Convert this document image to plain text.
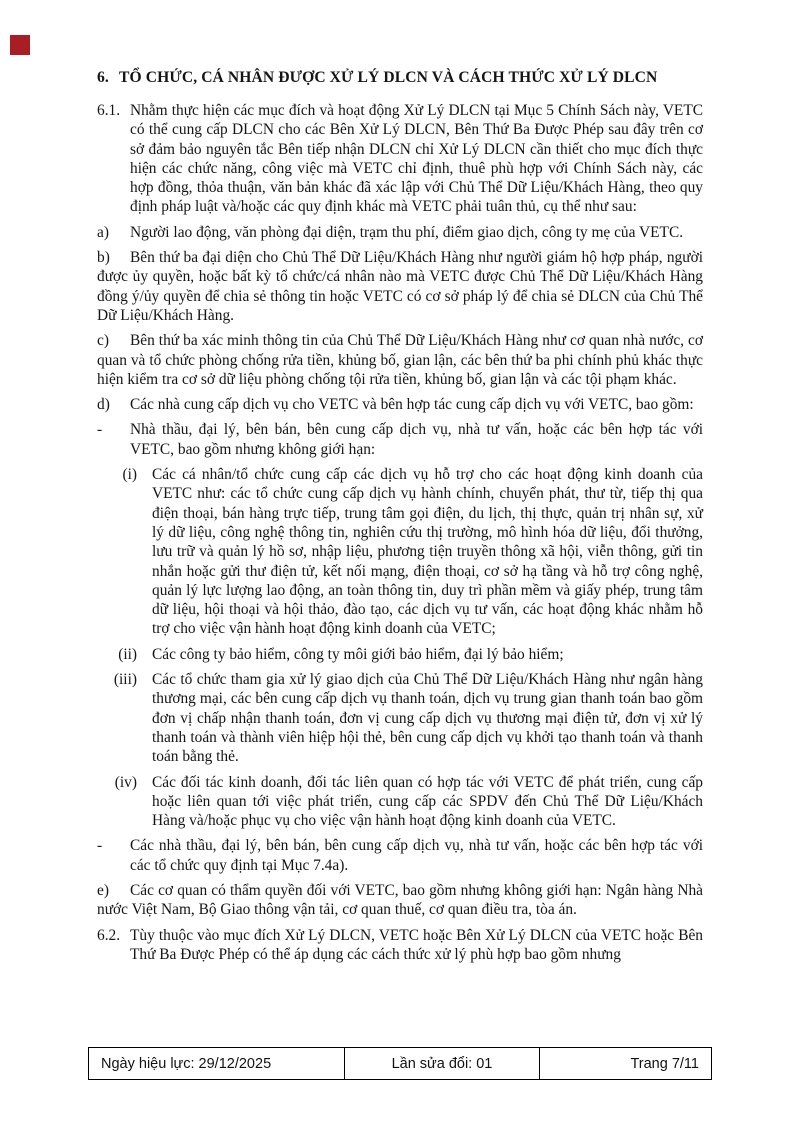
6. TỔ CHỨC, CÁ NHÂN ĐƯỢC XỬ LÝ DLCN VÀ CÁCH THỨC XỬ LÝ DLCN
6.1. Nhằm thực hiện các mục đích và hoạt động Xử Lý DLCN tại Mục 5 Chính Sách này, VETC có thể cung cấp DLCN cho các Bên Xử Lý DLCN, Bên Thứ Ba Được Phép sau đây trên cơ sở đảm bảo nguyên tắc Bên tiếp nhận DLCN chỉ Xử Lý DLCN cần thiết cho mục đích thực hiện các chức năng, công việc mà VETC chỉ định, thuê phù hợp với Chính Sách này, các hợp đồng, thỏa thuận, văn bản khác đã xác lập với Chủ Thể Dữ Liệu/Khách Hàng, theo quy định pháp luật và/hoặc các quy định khác mà VETC phải tuân thủ, cụ thể như sau:
a)	Người lao động, văn phòng đại diện, trạm thu phí, điểm giao dịch, công ty mẹ của VETC.
b) Bên thứ ba đại diện cho Chủ Thể Dữ Liệu/Khách Hàng như người giám hộ hợp pháp, người được ủy quyền, hoặc bất kỳ tổ chức/cá nhân nào mà VETC được Chủ Thể Dữ Liệu/Khách Hàng đồng ý/ủy quyền để chia sẻ thông tin hoặc VETC có cơ sở pháp lý để chia sẻ DLCN của Chủ Thể Dữ Liệu/Khách Hàng.
c) Bên thứ ba xác minh thông tin của Chủ Thể Dữ Liệu/Khách Hàng như cơ quan nhà nước, cơ quan và tổ chức phòng chống rửa tiền, khủng bố, gian lận, các bên thứ ba phi chính phủ khác thực hiện kiểm tra cơ sở dữ liệu phòng chống tội rửa tiền, khủng bố, gian lận và các tội phạm khác.
d) Các nhà cung cấp dịch vụ cho VETC và bên hợp tác cung cấp dịch vụ với VETC, bao gồm:
-	Nhà thầu, đại lý, bên bán, bên cung cấp dịch vụ, nhà tư vấn, hoặc các bên hợp tác với VETC, bao gồm nhưng không giới hạn:
(i) Các cá nhân/tổ chức cung cấp các dịch vụ hỗ trợ cho các hoạt động kinh doanh của VETC như: các tổ chức cung cấp dịch vụ hành chính, chuyển phát, thư từ, tiếp thị qua điện thoại, bán hàng trực tiếp, trung tâm gọi điện, du lịch, thị thực, quản trị nhân sự, xử lý dữ liệu, công nghệ thông tin, nghiên cứu thị trường, mô hình hóa dữ liệu, đổi thưởng, lưu trữ và quản lý hồ sơ, nhập liệu, phương tiện truyền thông xã hội, viễn thông, gửi tin nhắn hoặc gửi thư điện tử, kết nối mạng, điện thoại, cơ sở hạ tầng và hỗ trợ công nghệ, quản lý lực lượng lao động, an toàn thông tin, duy trì phần mềm và giấy phép, trung tâm dữ liệu, hội thoại và hội thảo, đào tạo, các dịch vụ tư vấn, các hoạt động khác nhằm hỗ trợ cho việc vận hành hoạt động kinh doanh của VETC;
(ii) Các công ty bảo hiểm, công ty môi giới bảo hiểm, đại lý bảo hiểm;
(iii) Các tổ chức tham gia xử lý giao dịch của Chủ Thể Dữ Liệu/Khách Hàng như ngân hàng thương mại, các bên cung cấp dịch vụ thanh toán, dịch vụ trung gian thanh toán bao gồm đơn vị chấp nhận thanh toán, đơn vị cung cấp dịch vụ thương mại điện tử, đơn vị xử lý thanh toán và thành viên hiệp hội thẻ, bên cung cấp dịch vụ khởi tạo thanh toán và thanh toán bằng thẻ.
(iv) Các đối tác kinh doanh, đối tác liên quan có hợp tác với VETC để phát triển, cung cấp hoặc liên quan tới việc phát triển, cung cấp các SPDV đến Chủ Thể Dữ Liệu/Khách Hàng và/hoặc phục vụ cho việc vận hành hoạt động kinh doanh của VETC.
-	Các nhà thầu, đại lý, bên bán, bên cung cấp dịch vụ, nhà tư vấn, hoặc các bên hợp tác với các tổ chức quy định tại Mục 7.4a).
e) Các cơ quan có thẩm quyền đối với VETC, bao gồm nhưng không giới hạn: Ngân hàng Nhà nước Việt Nam, Bộ Giao thông vận tải, cơ quan thuế, cơ quan điều tra, tòa án.
6.2. Tùy thuộc vào mục đích Xử Lý DLCN, VETC hoặc Bên Xử Lý DLCN của VETC hoặc Bên Thứ Ba Được Phép có thể áp dụng các cách thức xử lý phù hợp bao gồm nhưng
Ngày hiệu lực: 29/12/2025	Lần sửa đổi: 01	Trang 7/11
